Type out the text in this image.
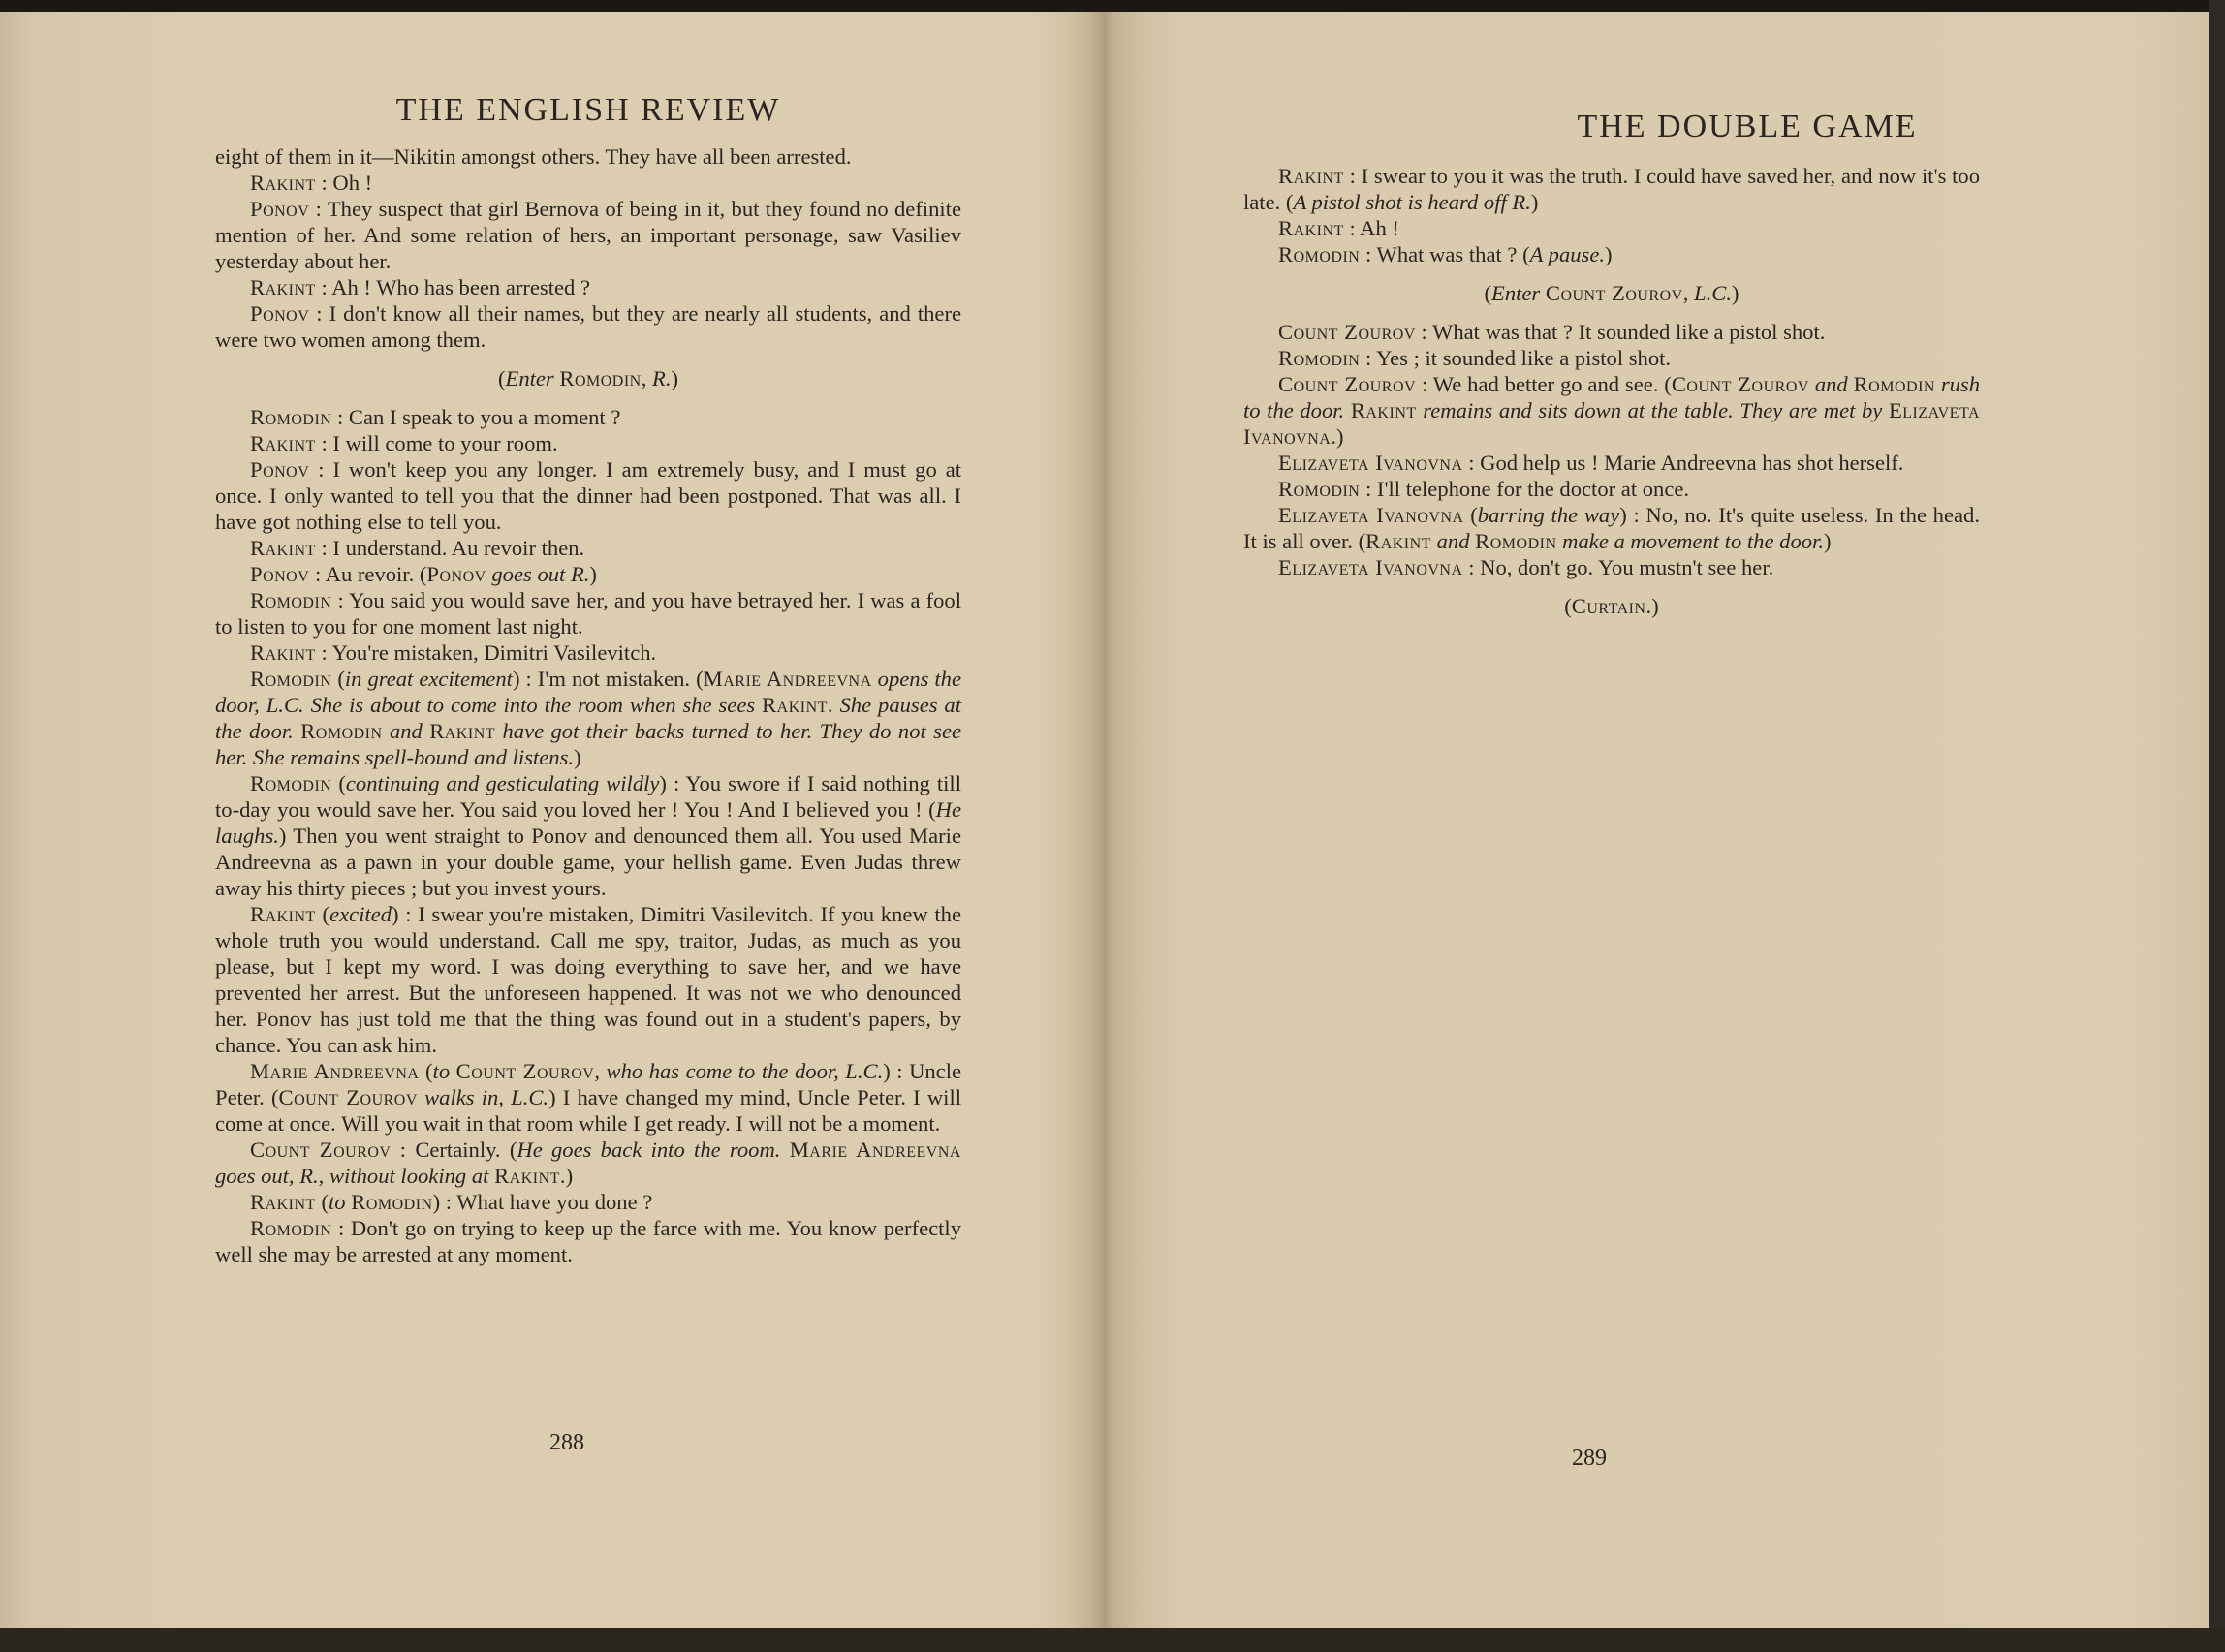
THE ENGLISH REVIEW

eight of them in it—Nikitin amongst others. They have all been arrested.

Rakint : Oh !

Ponov : They suspect that girl Bernova of being in it, but they found no definite mention of her. And some relation of hers, an important personage, saw Vasiliev yesterday about her.

Rakint : Ah ! Who has been arrested ?

Ponov : I don't know all their names, but they are nearly all students, and there were two women among them.

(Enter Romodin, R.)

Romodin : Can I speak to you a moment ?

Rakint : I will come to your room.

Ponov : I won't keep you any longer. I am extremely busy, and I must go at once. I only wanted to tell you that the dinner had been postponed. That was all. I have got nothing else to tell you.

Rakint : I understand. Au revoir then.

Ponov : Au revoir. (Ponov goes out R.)

Romodin : You said you would save her, and you have betrayed her. I was a fool to listen to you for one moment last night.

Rakint : You're mistaken, Dimitri Vasilevitch.

Romodin (in great excitement) : I'm not mistaken. (Marie Andreevna opens the door, L.C. She is about to come into the room when she sees Rakint. She pauses at the door. Romodin and Rakint have got their backs turned to her. They do not see her. She remains spell-bound and listens.)

Romodin (continuing and gesticulating wildly) : You swore if I said nothing till to-day you would save her. You said you loved her ! You ! And I believed you ! (He laughs.) Then you went straight to Ponov and denounced them all. You used Marie Andreevna as a pawn in your double game, your hellish game. Even Judas threw away his thirty pieces ; but you invest yours.

Rakint (excited) : I swear you're mistaken, Dimitri Vasilevitch. If you knew the whole truth you would understand. Call me spy, traitor, Judas, as much as you please, but I kept my word. I was doing everything to save her, and we have prevented her arrest. But the unforeseen happened. It was not we who denounced her. Ponov has just told me that the thing was found out in a student's papers, by chance. You can ask him.

Marie Andreevna (to Count Zourov, who has come to the door, L.C.) : Uncle Peter. (Count Zourov walks in, L.C.) I have changed my mind, Uncle Peter. I will come at once. Will you wait in that room while I get ready. I will not be a moment.

Count Zourov : Certainly. (He goes back into the room. Marie Andreevna goes out, R., without looking at Rakint.)

Rakint (to Romodin) : What have you done ?

Romodin : Don't go on trying to keep up the farce with me. You know perfectly well she may be arrested at any moment.

288
THE DOUBLE GAME

Rakint : I swear to you it was the truth. I could have saved her, and now it's too late. (A pistol shot is heard off R.)

Rakint : Ah !

Romodin : What was that ? (A pause.)

(Enter Count Zourov, L.C.)

Count Zourov : What was that ? It sounded like a pistol shot.

Romodin : Yes ; it sounded like a pistol shot.

Count Zourov : We had better go and see. (Count Zourov and Romodin rush to the door. Rakint remains and sits down at the table. They are met by Elizaveta Ivanovna.)

Elizaveta Ivanovna : God help us ! Marie Andreevna has shot herself.

Romodin : I'll telephone for the doctor at once.

Elizaveta Ivanovna (barring the way) : No, no. It's quite useless. In the head. It is all over. (Rakint and Romodin make a movement to the door.)

Elizaveta Ivanovna : No, don't go. You mustn't see her.

(Curtain.)

289
